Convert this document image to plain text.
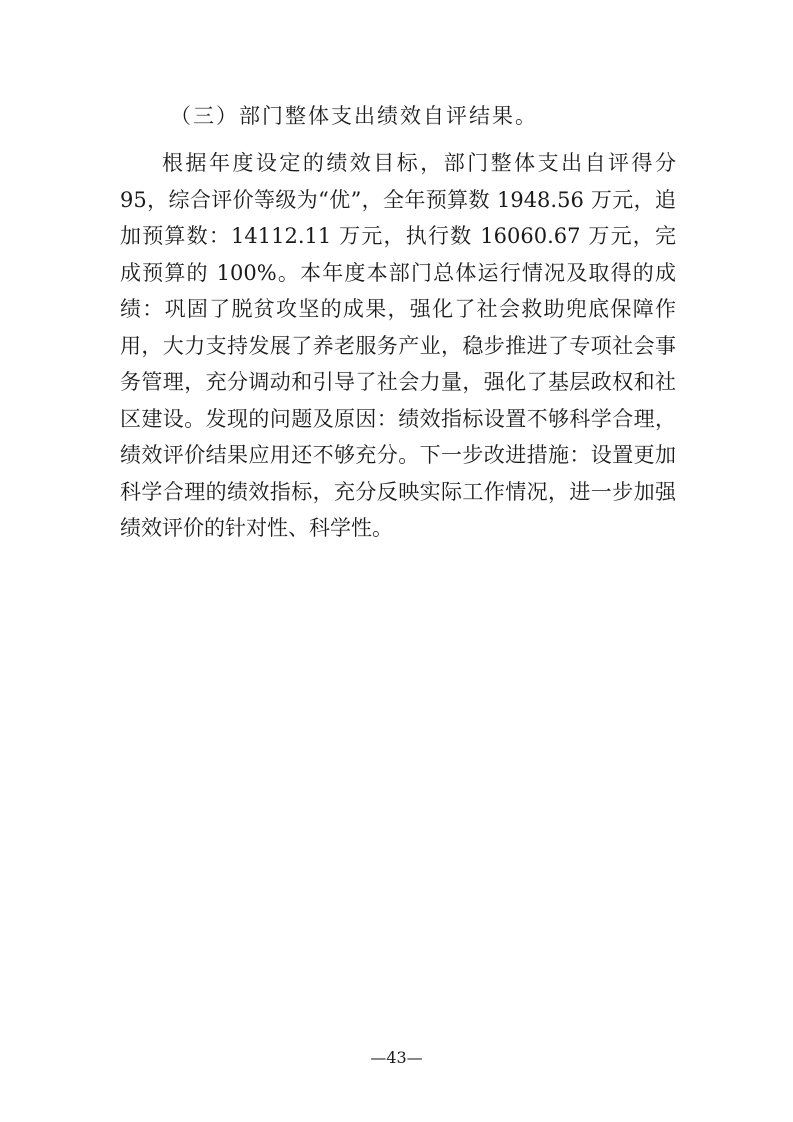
（三）部门整体支出绩效自评结果。

根据年度设定的绩效目标，部门整体支出自评得分 95，综合评价等级为“优”，全年预算数 1948.56 万元，追加预算数：14112.11 万元，执行数 16060.67 万元，完成预算的 100%。本年度本部门总体运行情况及取得的成绩：巩固了脱贫攻坚的成果，强化了社会救助兜底保障作用，大力支持发展了养老服务产业，稳步推进了专项社会事务管理，充分调动和引导了社会力量，强化了基层政权和社区建设。发现的问题及原因：绩效指标设置不够科学合理，绩效评价结果应用还不够充分。下一步改进措施：设置更加科学合理的绩效指标，充分反映实际工作情况，进一步加强绩效评价的针对性、科学性。

—43—
